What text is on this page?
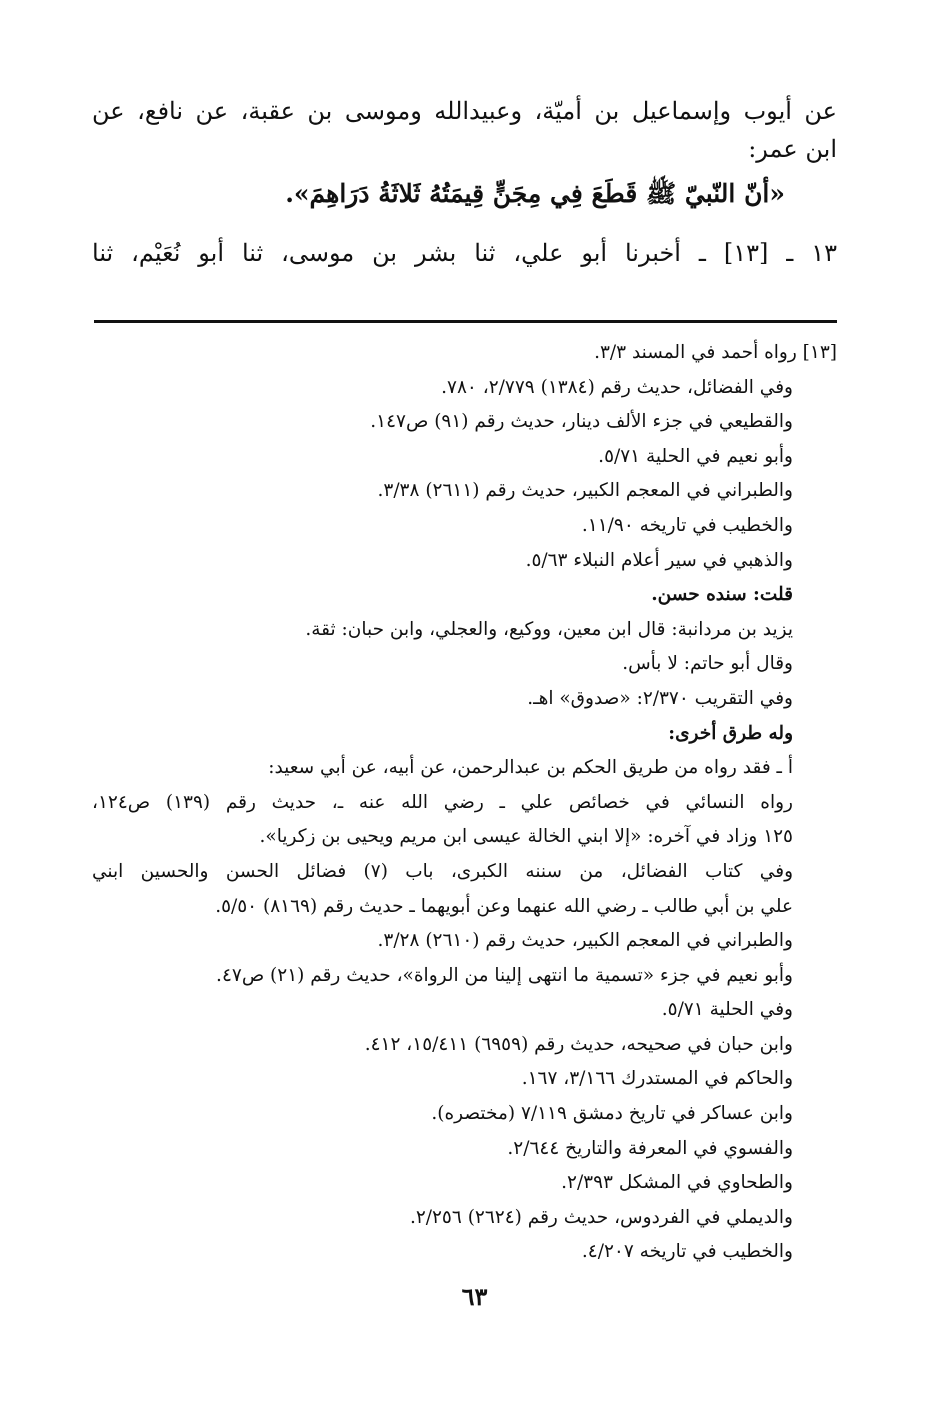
عن أيوب وإسماعيل بن أميّة، وعبيدالله وموسى بن عقبة، عن نافع، عن
ابن عمر:
«أنّ النّبيّ ﷺ قَطَعَ فِي مِجَنٍّ قِيمَتُهُ ثَلاثَةُ دَرَاهِمَ».
١٣ ـ [١٣] ـ أخبرنا أبو علي، ثنا بشر بن موسى، ثنا أبو نُعَيْم، ثنا
[١٣] رواه أحمد في المسند ٣/٣.
وفي الفضائل، حديث رقم (١٣٨٤) ٢/٧٧٩، ٧٨٠.
والقطيعي في جزء الألف دينار، حديث رقم (٩١) ص١٤٧.
وأبو نعيم في الحلية ٥/٧١.
والطبراني في المعجم الكبير، حديث رقم (٢٦١١) ٣/٣٨.
والخطيب في تاريخه ١١/٩٠.
والذهبي في سير أعلام النبلاء ٥/٦٣.
قلت: سنده حسن.
يزيد بن مردانبة: قال ابن معين، ووكيع، والعجلي، وابن حبان: ثقة.
وقال أبو حاتم: لا بأس.
وفي التقريب ٢/٣٧٠: «صدوق» اهـ.
وله طرق أخرى:
أ ـ فقد رواه من طريق الحكم بن عبدالرحمن، عن أبيه، عن أبي سعيد:
رواه النسائي في خصائص علي ـ رضي الله عنه ـ، حديث رقم (١٣٩) ص١٢٤،
١٢٥ وزاد في آخره: «إلا ابني الخالة عيسى ابن مريم ويحيى بن زكريا».
وفي كتاب الفضائل، من سننه الكبرى، باب (٧) فضائل الحسن والحسين ابني
علي بن أبي طالب ـ رضي الله عنهما وعن أبويهما ـ حديث رقم (٨١٦٩) ٥/٥٠.
والطبراني في المعجم الكبير، حديث رقم (٢٦١٠) ٣/٢٨.
وأبو نعيم في جزء «تسمية ما انتهى إلينا من الرواة»، حديث رقم (٢١) ص٤٧.
وفي الحلية ٥/٧١.
وابن حبان في صحيحه، حديث رقم (٦٩٥٩) ١٥/٤١١، ٤١٢.
والحاكم في المستدرك ٣/١٦٦، ١٦٧.
وابن عساكر في تاريخ دمشق ٧/١١٩ (مختصره).
والفسوي في المعرفة والتاريخ ٢/٦٤٤.
والطحاوي في المشكل ٢/٣٩٣.
والديملي في الفردوس، حديث رقم (٢٦٢٤) ٢/٢٥٦.
والخطيب في تاريخه ٤/٢٠٧.
٦٣
